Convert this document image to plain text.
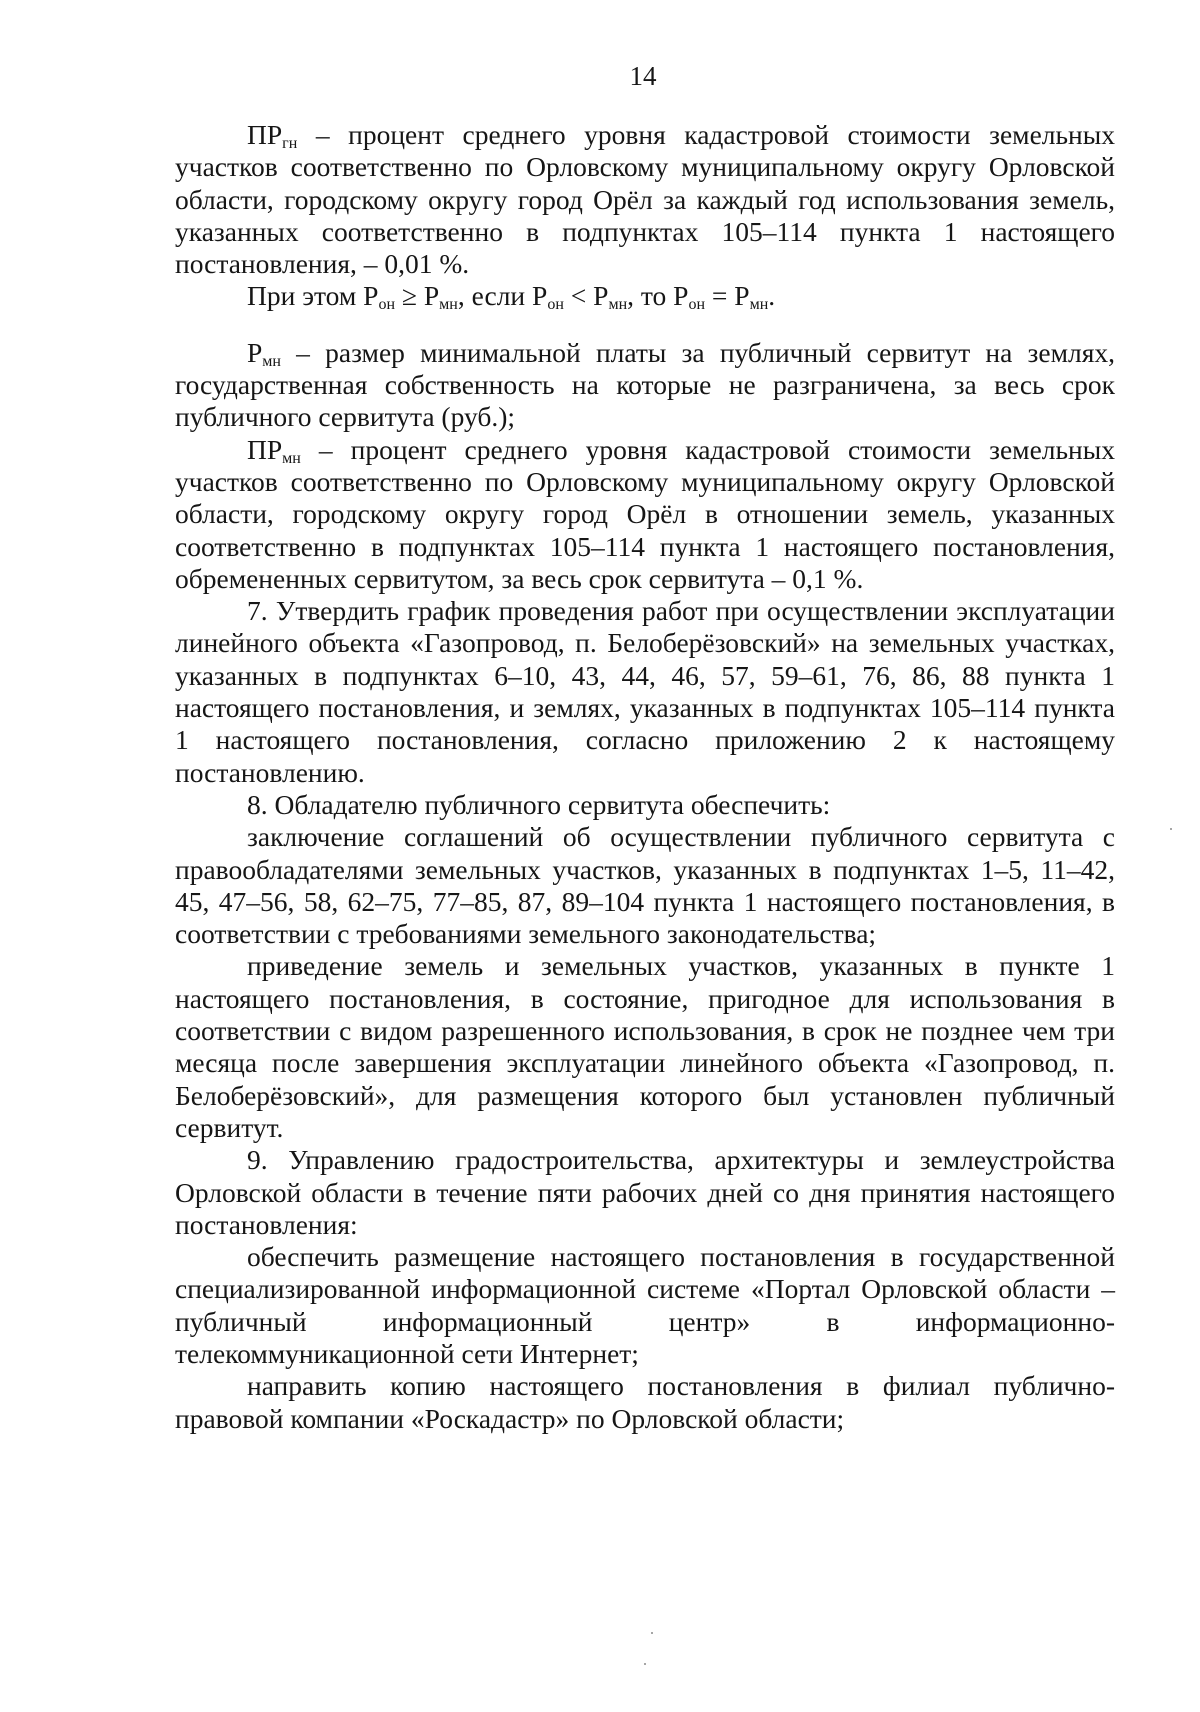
14

$ПР_{гн}$ – процент среднего уровня кадастровой стоимости земельных участков соответственно по Орловскому муниципальному округу Орловской области, городскому округу город Орёл за каждый год использования земель, указанных соответственно в подпунктах 105–114 пункта 1 настоящего постановления, – 0,01 %.

При этом $Р_{он} \ge Р_{мн}$, если $Р_{он} < Р_{мн}$, то $Р_{он} = Р_{мн}$.

$Р_{мн}$ – размер минимальной платы за публичный сервитут на землях, государственная собственность на которые не разграничена, за весь срок публичного сервитута (руб.);

$ПР_{мн}$ – процент среднего уровня кадастровой стоимости земельных участков соответственно по Орловскому муниципальному округу Орловской области, городскому округу город Орёл в отношении земель, указанных соответственно в подпунктах 105–114 пункта 1 настоящего постановления, обремененных сервитутом, за весь срок сервитута – 0,1 %.

7. Утвердить график проведения работ при осуществлении эксплуатации линейного объекта «Газопровод, п. Белоберёзовский» на земельных участках, указанных в подпунктах 6–10, 43, 44, 46, 57, 59–61, 76, 86, 88 пункта 1 настоящего постановления, и землях, указанных в подпунктах 105–114 пункта 1 настоящего постановления, согласно приложению 2 к настоящему постановлению.

8. Обладателю публичного сервитута обеспечить:

заключение соглашений об осуществлении публичного сервитута с правообладателями земельных участков, указанных в подпунктах 1–5, 11–42, 45, 47–56, 58, 62–75, 77–85, 87, 89–104 пункта 1 настоящего постановления, в соответствии с требованиями земельного законодательства;

приведение земель и земельных участков, указанных в пункте 1 настоящего постановления, в состояние, пригодное для использования в соответствии с видом разрешенного использования, в срок не позднее чем три месяца после завершения эксплуатации линейного объекта «Газопровод, п. Белоберёзовский», для размещения которого был установлен публичный сервитут.

9. Управлению градостроительства, архитектуры и землеустройства Орловской области в течение пяти рабочих дней со дня принятия настоящего постановления:

обеспечить размещение настоящего постановления в государственной специализированной информационной системе «Портал Орловской области – публичный информационный центр» в информационно-телекоммуникационной сети Интернет;

направить копию настоящего постановления в филиал публично-правовой компании «Роскадастр» по Орловской области;
